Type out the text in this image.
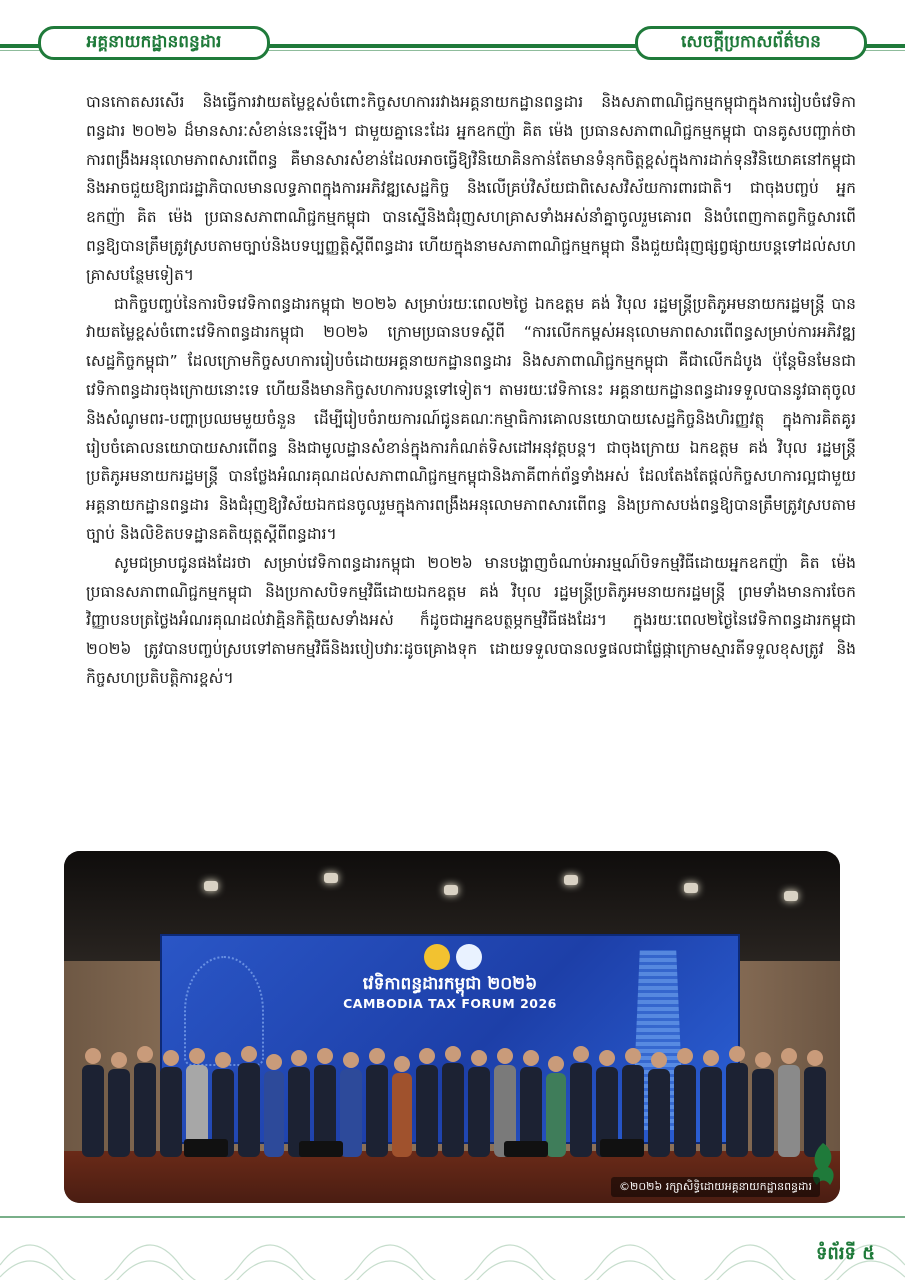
អគ្គនាយកដ្ឋានពន្ធដារ	សេចក្តីប្រកាសព័ត៌មាន

បានកោតសរសើរ និងធ្វើការវាយតម្លៃខ្ពស់ចំពោះកិច្ចសហការរវាងអគ្គនាយកដ្ឋានពន្ធដារ និងសភាពាណិជ្ជកម្មកម្ពុជាក្នុងការរៀបចំវេទិកាពន្ធដារ ២០២៦ ដ៏មានសារៈសំខាន់នេះឡើង។ ជាមួយគ្នានេះដែរ អ្នកឧកញ៉ា គិត ម៉េង ប្រធានសភាពាណិជ្ជកម្មកម្ពុជា បានគូសបញ្ជាក់ថា ការពង្រឹងអនុលោមភាពសារពើពន្ធ គឺមានសារសំខាន់ដែលអាចធ្វើឱ្យវិនិយោគិនកាន់តែមានទំនុកចិត្តខ្ពស់ក្នុងការដាក់ទុនវិនិយោគនៅកម្ពុជា និងអាចជួយឱ្យរាជរដ្ឋាភិបាលមានលទ្ធភាពក្នុងការអភិវឌ្ឍសេដ្ឋកិច្ច និងលើគ្រប់វិស័យជាពិសេសវិស័យការពារជាតិ។ ជាចុងបញ្ចប់ អ្នកឧកញ៉ា គិត ម៉េង ប្រធានសភាពាណិជ្ជកម្មកម្ពុជា បានស្នើនិងជំរុញសហគ្រាសទាំងអស់នាំគ្នាចូលរួមគោរព និងបំពេញកាតព្វកិច្ចសារពើពន្ធឱ្យបានត្រឹមត្រូវស្របតាមច្បាប់និងបទប្បញ្ញត្តិស្តីពីពន្ធដារ ហើយក្នុងនាមសភាពាណិជ្ជកម្មកម្ពុជា នឹងជួយជំរុញផ្សព្វផ្សាយបន្តទៅដល់សហគ្រាសបន្ថែមទៀត។

ជាកិច្ចបញ្ចប់នៃការបិទវេទិកាពន្ធដារកម្ពុជា ២០២៦ សម្រាប់រយៈពេល២ថ្ងៃ ឯកឧត្តម គង់ វិបុល រដ្ឋមន្ត្រីប្រតិភូអមនាយករដ្ឋមន្ត្រី បានវាយតម្លៃខ្ពស់ចំពោះវេទិកាពន្ធដារកម្ពុជា ២០២៦ ក្រោមប្រធានបទស្តីពី “ការលើកកម្ពស់អនុលោមភាពសារពើពន្ធសម្រាប់ការអភិវឌ្ឍសេដ្ឋកិច្ចកម្ពុជា” ដែលក្រោមកិច្ចសហការរៀបចំដោយអគ្គនាយកដ្ឋានពន្ធដារ និងសភាពាណិជ្ជកម្មកម្ពុជា គឺជាលើកដំបូង ប៉ុន្តែមិនមែនជាវេទិកាពន្ធដារចុងក្រោយនោះទេ ហើយនឹងមានកិច្ចសហការបន្តទៅទៀត។ តាមរយៈវេទិកានេះ អគ្គនាយកដ្ឋានពន្ធដារទទួលបាននូវធាតុចូល និងសំណូមពរ-បញ្ហាប្រឈមមួយចំនួន ដើម្បីរៀបចំរាយការណ៍ជូនគណៈកម្មាធិការគោលនយោបាយសេដ្ឋកិច្ចនិងហិរញ្ញវត្ថុ ក្នុងការគិតគូររៀបចំគោលនយោបាយសារពើពន្ធ និងជាមូលដ្ឋានសំខាន់ក្នុងការកំណត់ទិសដៅអនុវត្តបន្ត។ ជាចុងក្រោយ ឯកឧត្តម គង់ វិបុល រដ្ឋមន្ត្រីប្រតិភូអមនាយករដ្ឋមន្ត្រី បានថ្លែងអំណរគុណដល់សភាពាណិជ្ជកម្មកម្ពុជានិងភាគីពាក់ព័ន្ធទាំងអស់ ដែលតែងតែផ្តល់កិច្ចសហការល្អជាមួយអគ្គនាយកដ្ឋានពន្ធដារ និងជំរុញឱ្យវិស័យឯកជនចូលរួមក្នុងការពង្រឹងអនុលោមភាពសារពើពន្ធ និងប្រកាសបង់ពន្ធឱ្យបានត្រឹមត្រូវស្របតាមច្បាប់ និងលិខិតបទដ្ឋានគតិយុត្តស្តីពីពន្ធដារ។

សូមជម្រាបជូនផងដែរថា សម្រាប់វេទិកាពន្ធដារកម្ពុជា ២០២៦ មានបង្ហាញចំណាប់អារម្មណ៍បិទកម្មវិធីដោយអ្នកឧកញ៉ា គិត ម៉េង ប្រធានសភាពាណិជ្ជកម្មកម្ពុជា និងប្រកាសបិទកម្មវិធីដោយឯកឧត្តម គង់ វិបុល រដ្ឋមន្ត្រីប្រតិភូអមនាយករដ្ឋមន្ត្រី ព្រមទាំងមានការចែកវិញ្ញាបនបត្រថ្លៃងអំណរគុណដល់វាគ្មិនកិត្តិយសទាំងអស់ ក៏ដូចជាអ្នកឧបត្ថម្ភកម្មវិធីផងដែរ។ ក្នុងរយៈពេល២ថ្ងៃនៃវេទិកាពន្ធដារកម្ពុជា ២០២៦ ត្រូវបានបញ្ចប់ស្របទៅតាមកម្មវិធីនិងរបៀបវារៈដូចគ្រោងទុក ដោយទទួលបានលទ្ធផលជាផ្លែផ្កាក្រោមស្មារតីទទួលខុសត្រូវ និងកិច្ចសហប្រតិបត្តិការខ្ពស់។

វេទិកាពន្ធដារកម្ពុជា ២០២៦
CAMBODIA TAX FORUM 2026
©២០២៦ រក្សាសិទ្ធិដោយអគ្គនាយកដ្ឋានពន្ធដារ
ទំព័រទី ៥
